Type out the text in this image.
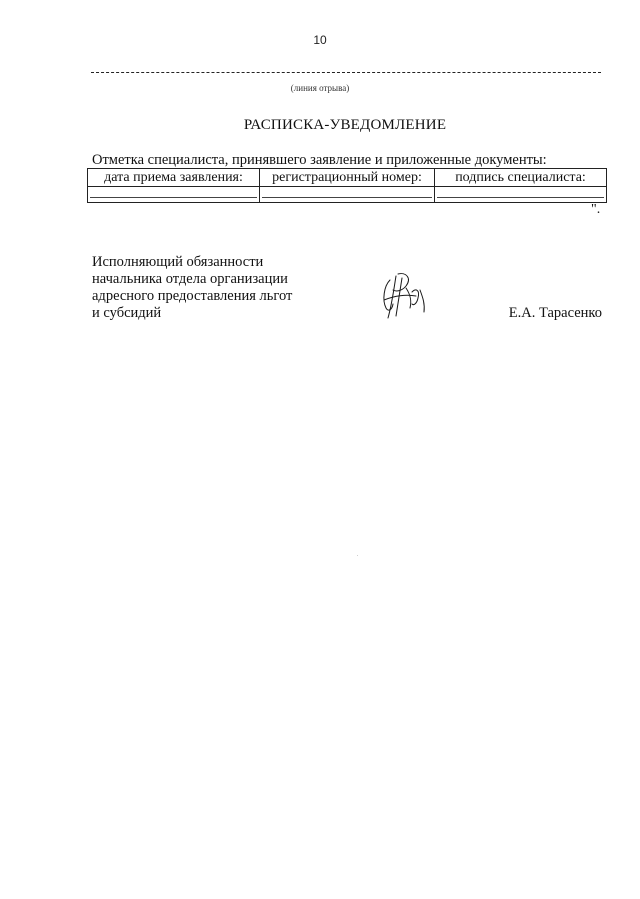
10
(линия отрыва)
РАСПИСКА-УВЕДОМЛЕНИЕ
Отметка специалиста, принявшего заявление и приложенные документы:
дата приема заявления:	регистрационный номер:	подпись специалиста:

".
Исполняющий обязанности
начальника отдела организации
адресного предоставления льгот
и субсидий	Е.А. Тарасенко
